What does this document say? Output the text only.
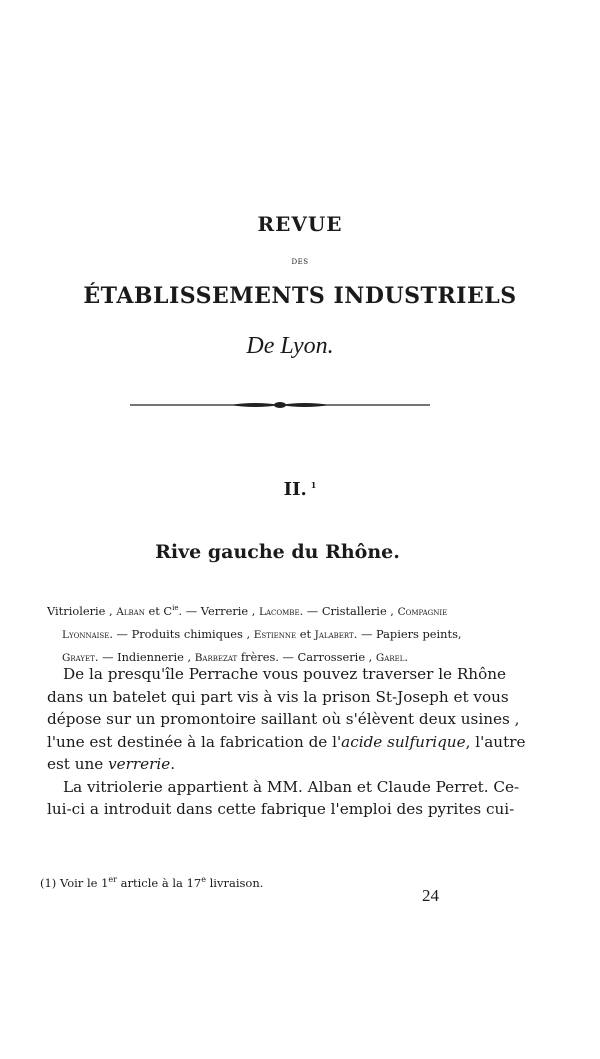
REVUE
DES
ÉTABLISSEMENTS INDUSTRIELS
De Lyon.
II. $^1$
Rive gauche du Rhône.
Vitriolerie , Alban et $C^{ie}$. — Verrerie , Lacombe. — Cristallerie , Compagnie
Lyonnaise. — Produits chimiques , Estienne et Jalabert. — Papiers peints,
Grayet. — Indiennerie , Barbezat frères. — Carrosserie , Garel.
De la presqu'île Perrache vous pouvez traverser le Rhône
dans un batelet qui part vis à vis la prison St-Joseph et vous
dépose sur un promontoire saillant où s'élèvent deux usines ,
l'une est destinée à la fabrication de l'acide sulfurique, l'autre
est une verrerie.
La vitriolerie appartient à MM. Alban et Claude Perret. Ce-
lui-ci a introduit dans cette fabrique l'emploi des pyrites cui-
(1) Voir le 1er article à la 17e livraison.
24
